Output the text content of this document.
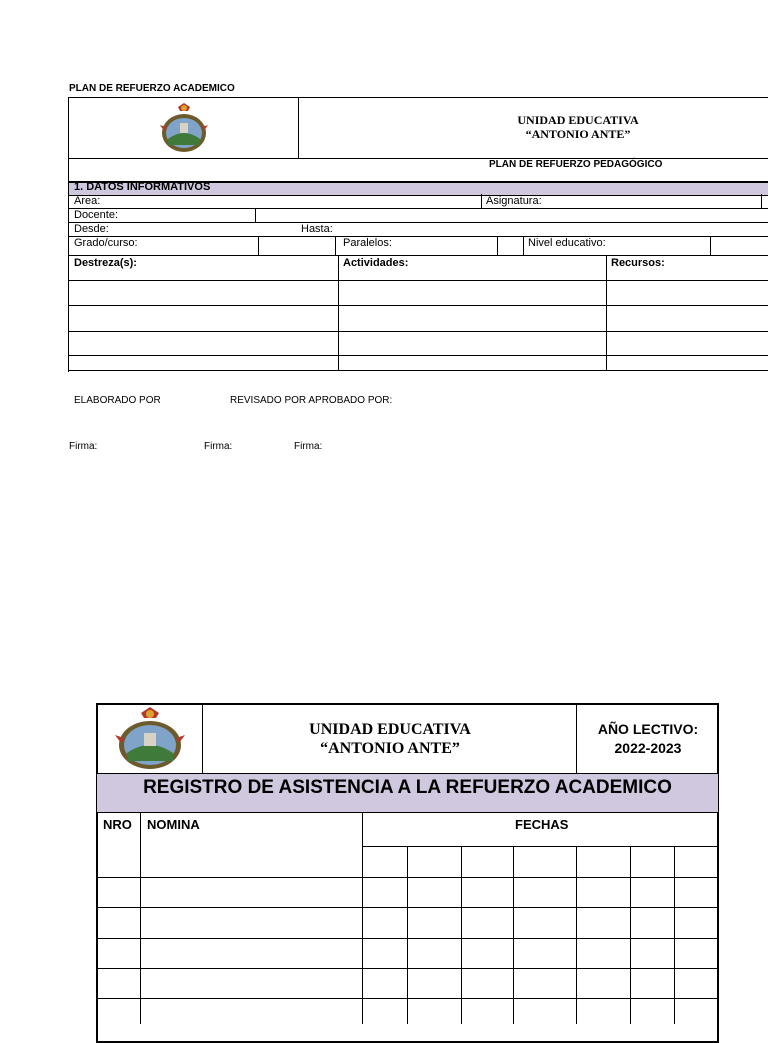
PLAN DE REFUERZO ACADEMICO
UNIDAD EDUCATIVA
“ANTONIO ANTE”
PLAN DE REFUERZO PEDAGÓGICO
1. DATOS INFORMATIVOS
Area:	Asignatura:
Docente:
Desde:	Hasta:
Grado/curso:	Paralelos:	Nivel educativo:
Destreza(s):	Actividades:	Recursos:
ELABORADO POR	REVISADO POR APROBADO POR:
Firma:	Firma:	Firma:
UNIDAD EDUCATIVA
“ANTONIO ANTE”
AÑO LECTIVO:
2022-2023
REGISTRO DE ASISTENCIA A LA REFUERZO ACADEMICO
NRO NOMINA	FECHAS
